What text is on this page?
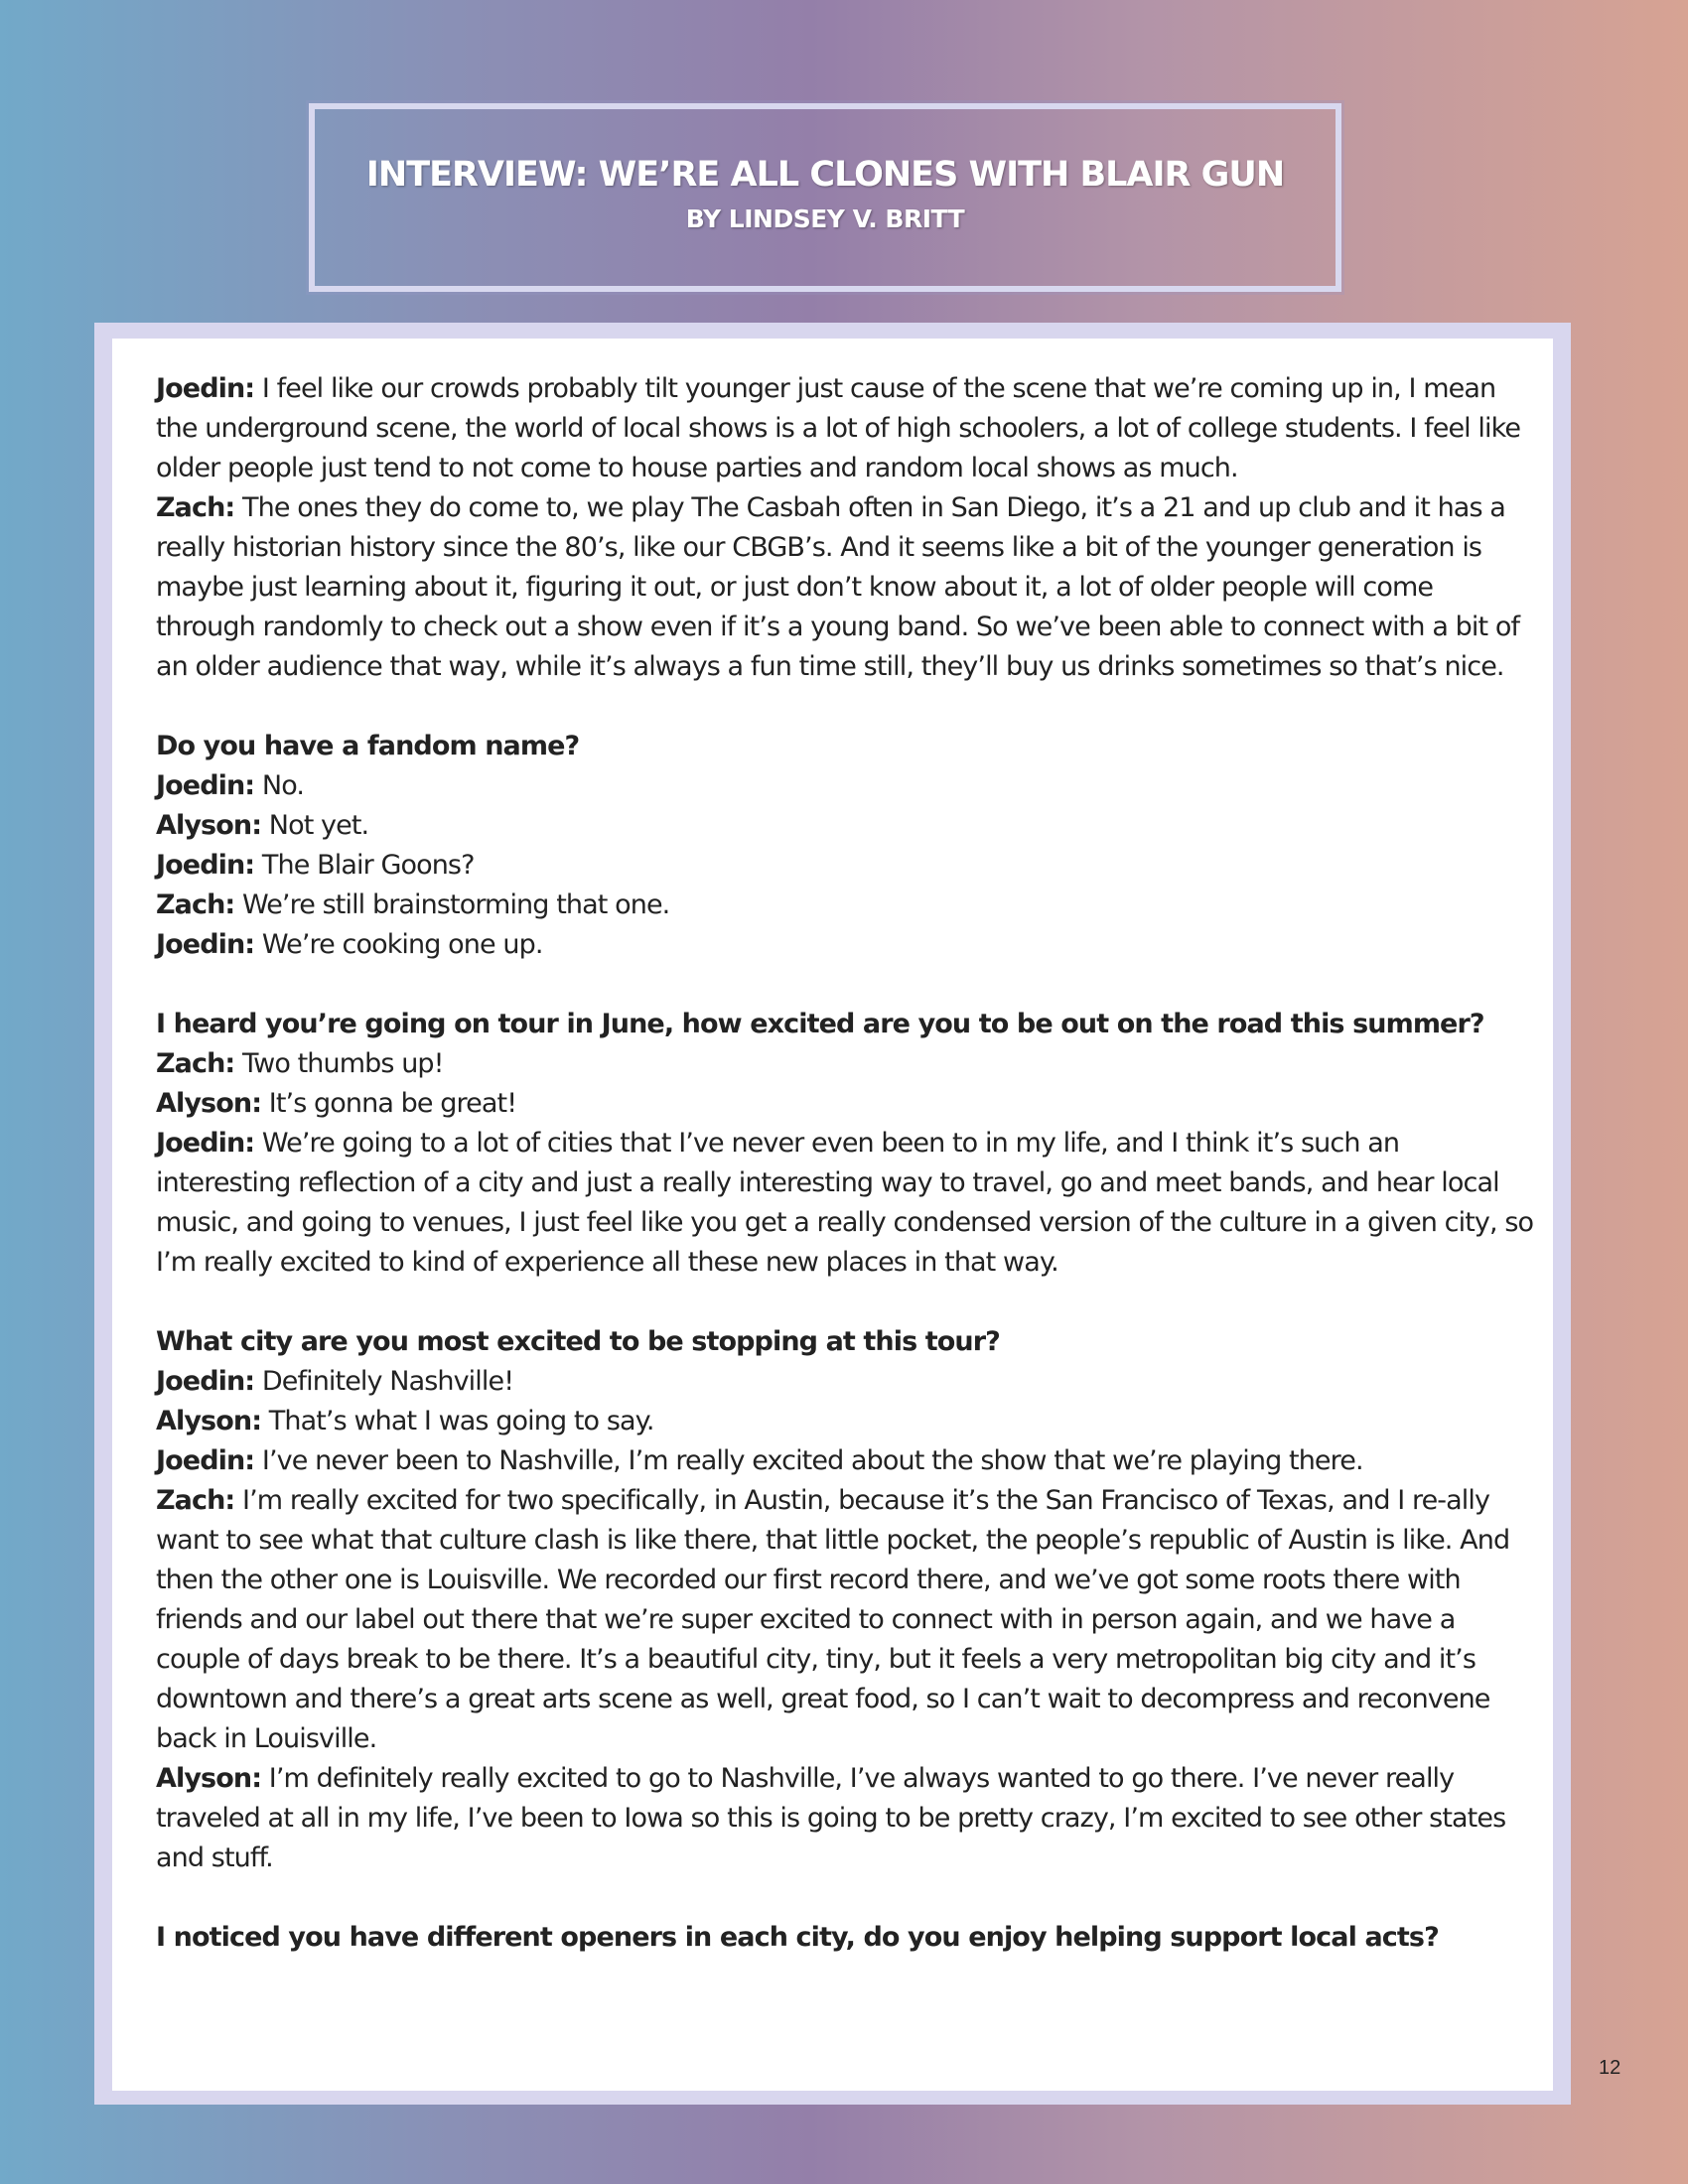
INTERVIEW: WE’RE ALL CLONES WITH BLAIR GUN
BY LINDSEY V. BRITT

Joedin: I feel like our crowds probably tilt younger just cause of the scene that we’re coming up in, I mean the underground scene, the world of local shows is a lot of high schoolers, a lot of college students. I feel like older people just tend to not come to house parties and random local shows as much.

Zach: The ones they do come to, we play The Casbah often in San Diego, it’s a 21 and up club and it has a really historian history since the 80’s, like our CBGB’s. And it seems like a bit of the younger generation is maybe just learning about it, figuring it out, or just don’t know about it, a lot of older people will come through randomly to check out a show even if it’s a young band. So we’ve been able to connect with a bit of an older audience that way, while it’s always a fun time still, they’ll buy us drinks sometimes so that’s nice.

Do you have a fandom name?

Joedin: No.

Alyson: Not yet.

Joedin: The Blair Goons?

Zach: We’re still brainstorming that one.

Joedin: We’re cooking one up.

I heard you’re going on tour in June, how excited are you to be out on the road this summer?

Zach: Two thumbs up!

Alyson: It’s gonna be great!

Joedin: We’re going to a lot of cities that I’ve never even been to in my life, and I think it’s such an interesting reflection of a city and just a really interesting way to travel, go and meet bands, and hear local music, and going to venues, I just feel like you get a really condensed version of the culture in a given city, so I’m really excited to kind of experience all these new places in that way.

What city are you most excited to be stopping at this tour?

Joedin: Definitely Nashville!

Alyson: That’s what I was going to say.

Joedin: I’ve never been to Nashville, I’m really excited about the show that we’re playing there.

Zach: I’m really excited for two specifically, in Austin, because it’s the San Francisco of Texas, and I re-ally want to see what that culture clash is like there, that little pocket, the people’s republic of Austin is like. And then the other one is Louisville. We recorded our first record there, and we’ve got some roots there with friends and our label out there that we’re super excited to connect with in person again, and we have a couple of days break to be there. It’s a beautiful city, tiny, but it feels a very metropolitan big city and it’s downtown and there’s a great arts scene as well, great food, so I can’t wait to decompress and reconvene back in Louisville.

Alyson: I’m definitely really excited to go to Nashville, I’ve always wanted to go there. I’ve never really traveled at all in my life, I’ve been to Iowa so this is going to be pretty crazy, I’m excited to see other states and stuff.

I noticed you have different openers in each city, do you enjoy helping support local acts?

12
